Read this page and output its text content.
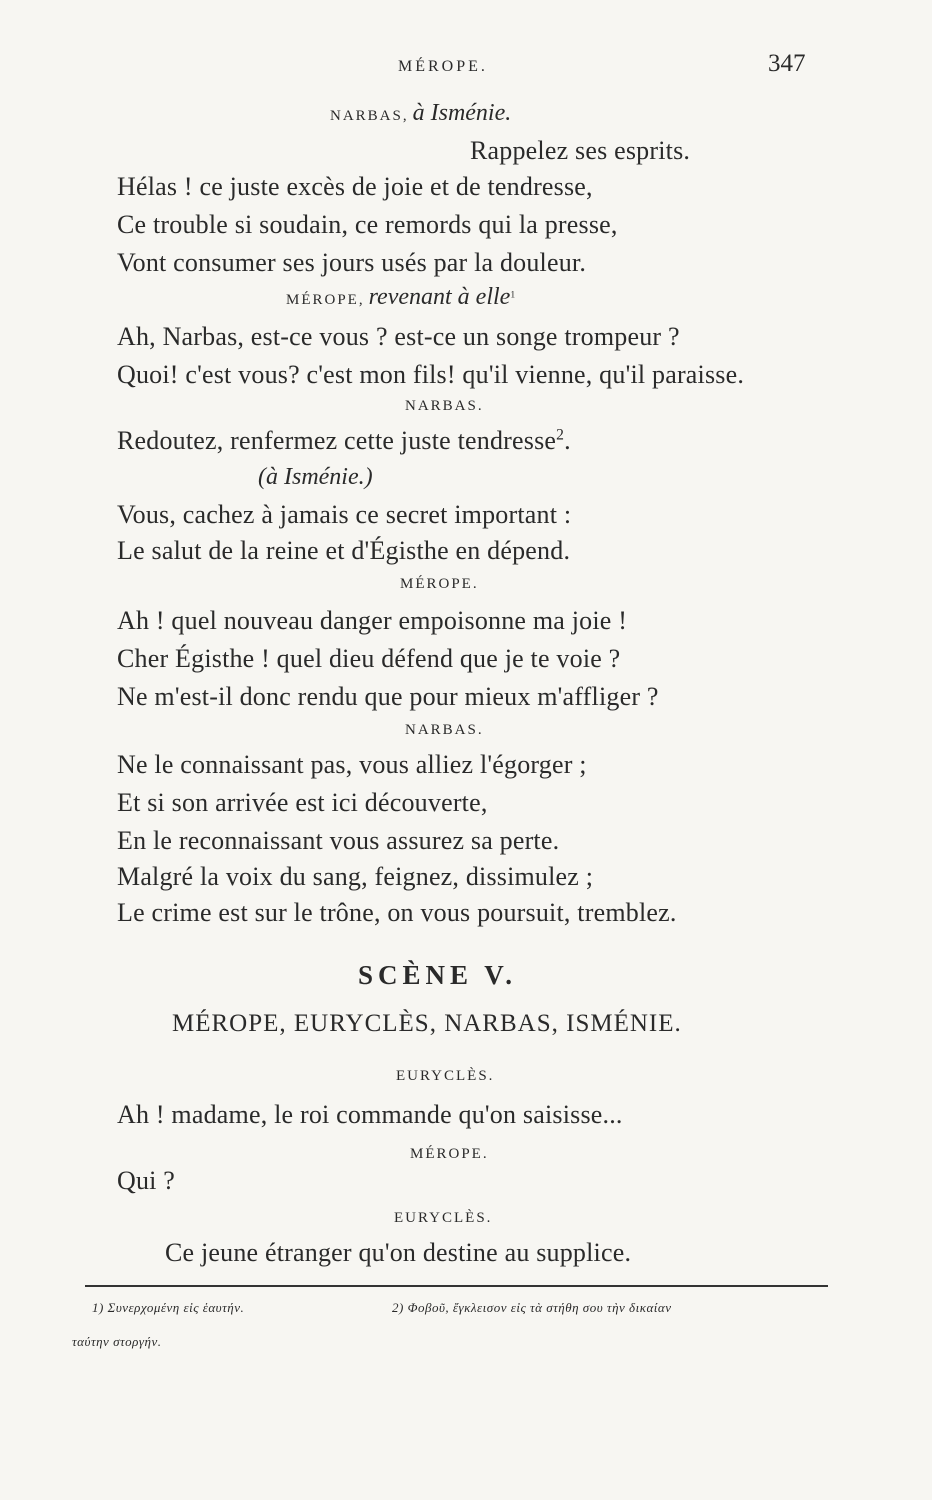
MÉROPE.	347
NARBAS, à Isménie.
Rappelez ses esprits.
Hélas ! ce juste excès de joie et de tendresse,
Ce trouble si soudain, ce remords qui la presse,
Vont consumer ses jours usés par la douleur.
MÉROPE, revenant à elle$^1$
Ah, Narbas, est-ce vous ? est-ce un songe trompeur ?
Quoi! c'est vous? c'est mon fils! qu'il vienne, qu'il paraisse.
NARBAS.
Redoutez, renfermez cette juste tendresse$^2$.
(à Isménie.)
Vous, cachez à jamais ce secret important :
Le salut de la reine et d'Égisthe en dépend.
MÉROPE.
Ah ! quel nouveau danger empoisonne ma joie !
Cher Égisthe ! quel dieu défend que je te voie ?
Ne m'est-il donc rendu que pour mieux m'affliger ?
NARBAS.
Ne le connaissant pas, vous alliez l'égorger ;
Et si son arrivée est ici découverte,
En le reconnaissant vous assurez sa perte.
Malgré la voix du sang, feignez, dissimulez ;
Le crime est sur le trône, on vous poursuit, tremblez.
SCÈNE V.
MÉROPE, EURYCLÈS, NARBAS, ISMÉNIE.
EURYCLÈS.
Ah ! madame, le roi commande qu'on saisisse...
MÉROPE.
Qui ?
EURYCLÈS.
Ce jeune étranger qu'on destine au supplice.
1) Συνερχομένη εἰς ἑαυτήν.	2) Φοβοῦ, ἔγκλεισον εἰς τὰ στήθη σου τὴν δικαίαν
ταύτην στοργήν.
